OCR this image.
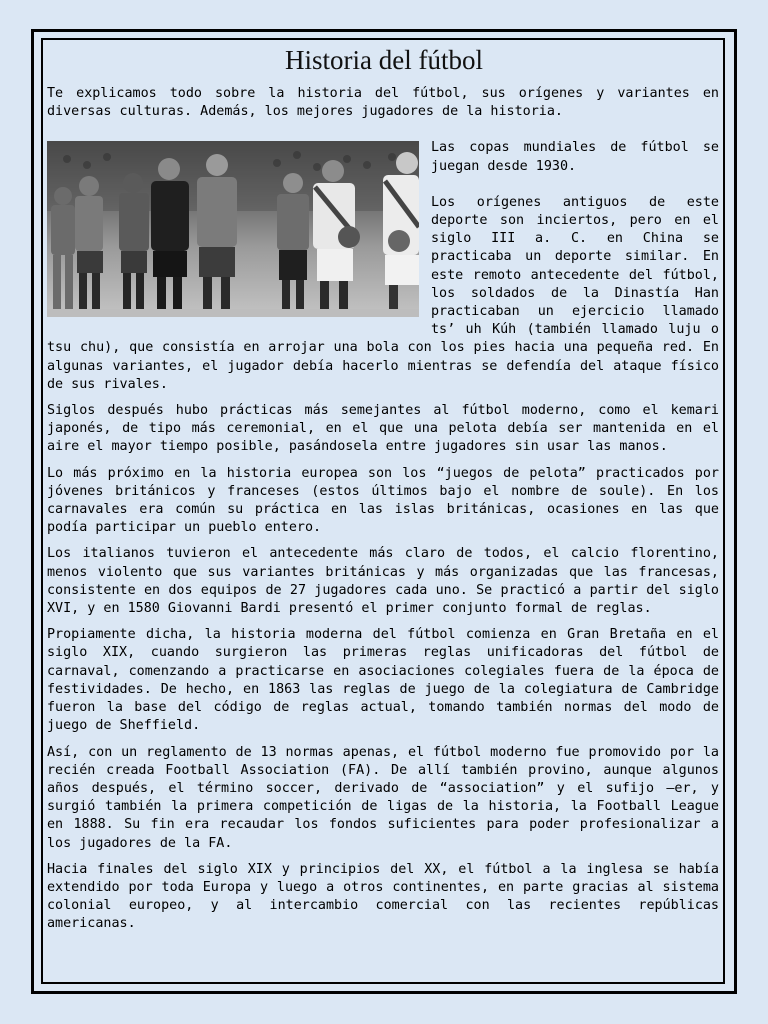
Historia del fútbol

Te explicamos todo sobre la historia del fútbol, sus orígenes y variantes en diversas culturas. Además, los mejores jugadores de la historia.

Las copas mundiales de fútbol se juegan desde 1930.

Los orígenes antiguos de este deporte son inciertos, pero en el siglo III a. C. en China se practicaba un deporte similar. En este remoto antecedente del fútbol, los soldados de la Dinastía Han practicaban un ejercicio llamado ts’ uh Kúh (también llamado luju o tsu chu), que consistía en arrojar una bola con los pies hacia una pequeña red. En algunas variantes, el jugador debía hacerlo mientras se defendía del ataque físico de sus rivales.

Siglos después hubo prácticas más semejantes al fútbol moderno, como el kemari japonés, de tipo más ceremonial, en el que una pelota debía ser mantenida en el aire el mayor tiempo posible, pasándosela entre jugadores sin usar las manos.

Lo más próximo en la historia europea son los “juegos de pelota” practicados por jóvenes británicos y franceses (estos últimos bajo el nombre de soule). En los carnavales era común su práctica en las islas británicas, ocasiones en las que podía participar un pueblo entero.

Los italianos tuvieron el antecedente más claro de todos, el calcio florentino, menos violento que sus variantes británicas y más organizadas que las francesas, consistente en dos equipos de 27 jugadores cada uno. Se practicó a partir del siglo XVI, y en 1580 Giovanni Bardi presentó el primer conjunto formal de reglas.

Propiamente dicha, la historia moderna del fútbol comienza en Gran Bretaña en el siglo XIX, cuando surgieron las primeras reglas unificadoras del fútbol de carnaval, comenzando a practicarse en asociaciones colegiales fuera de la época de festividades. De hecho, en 1863 las reglas de juego de la colegiatura de Cambridge fueron la base del código de reglas actual, tomando también normas del modo de juego de Sheffield.

Así, con un reglamento de 13 normas apenas, el fútbol moderno fue promovido por la recién creada Football Association (FA). De allí también provino, aunque algunos años después, el término soccer, derivado de “association” y el sufijo –er, y surgió también la primera competición de ligas de la historia, la Football League en 1888. Su fin era recaudar los fondos suficientes para poder profesionalizar a los jugadores de la FA.

Hacia finales del siglo XIX y principios del XX, el fútbol a la inglesa se había extendido por toda Europa y luego a otros continentes, en parte gracias al sistema colonial europeo, y al intercambio comercial con las recientes repúblicas americanas.
